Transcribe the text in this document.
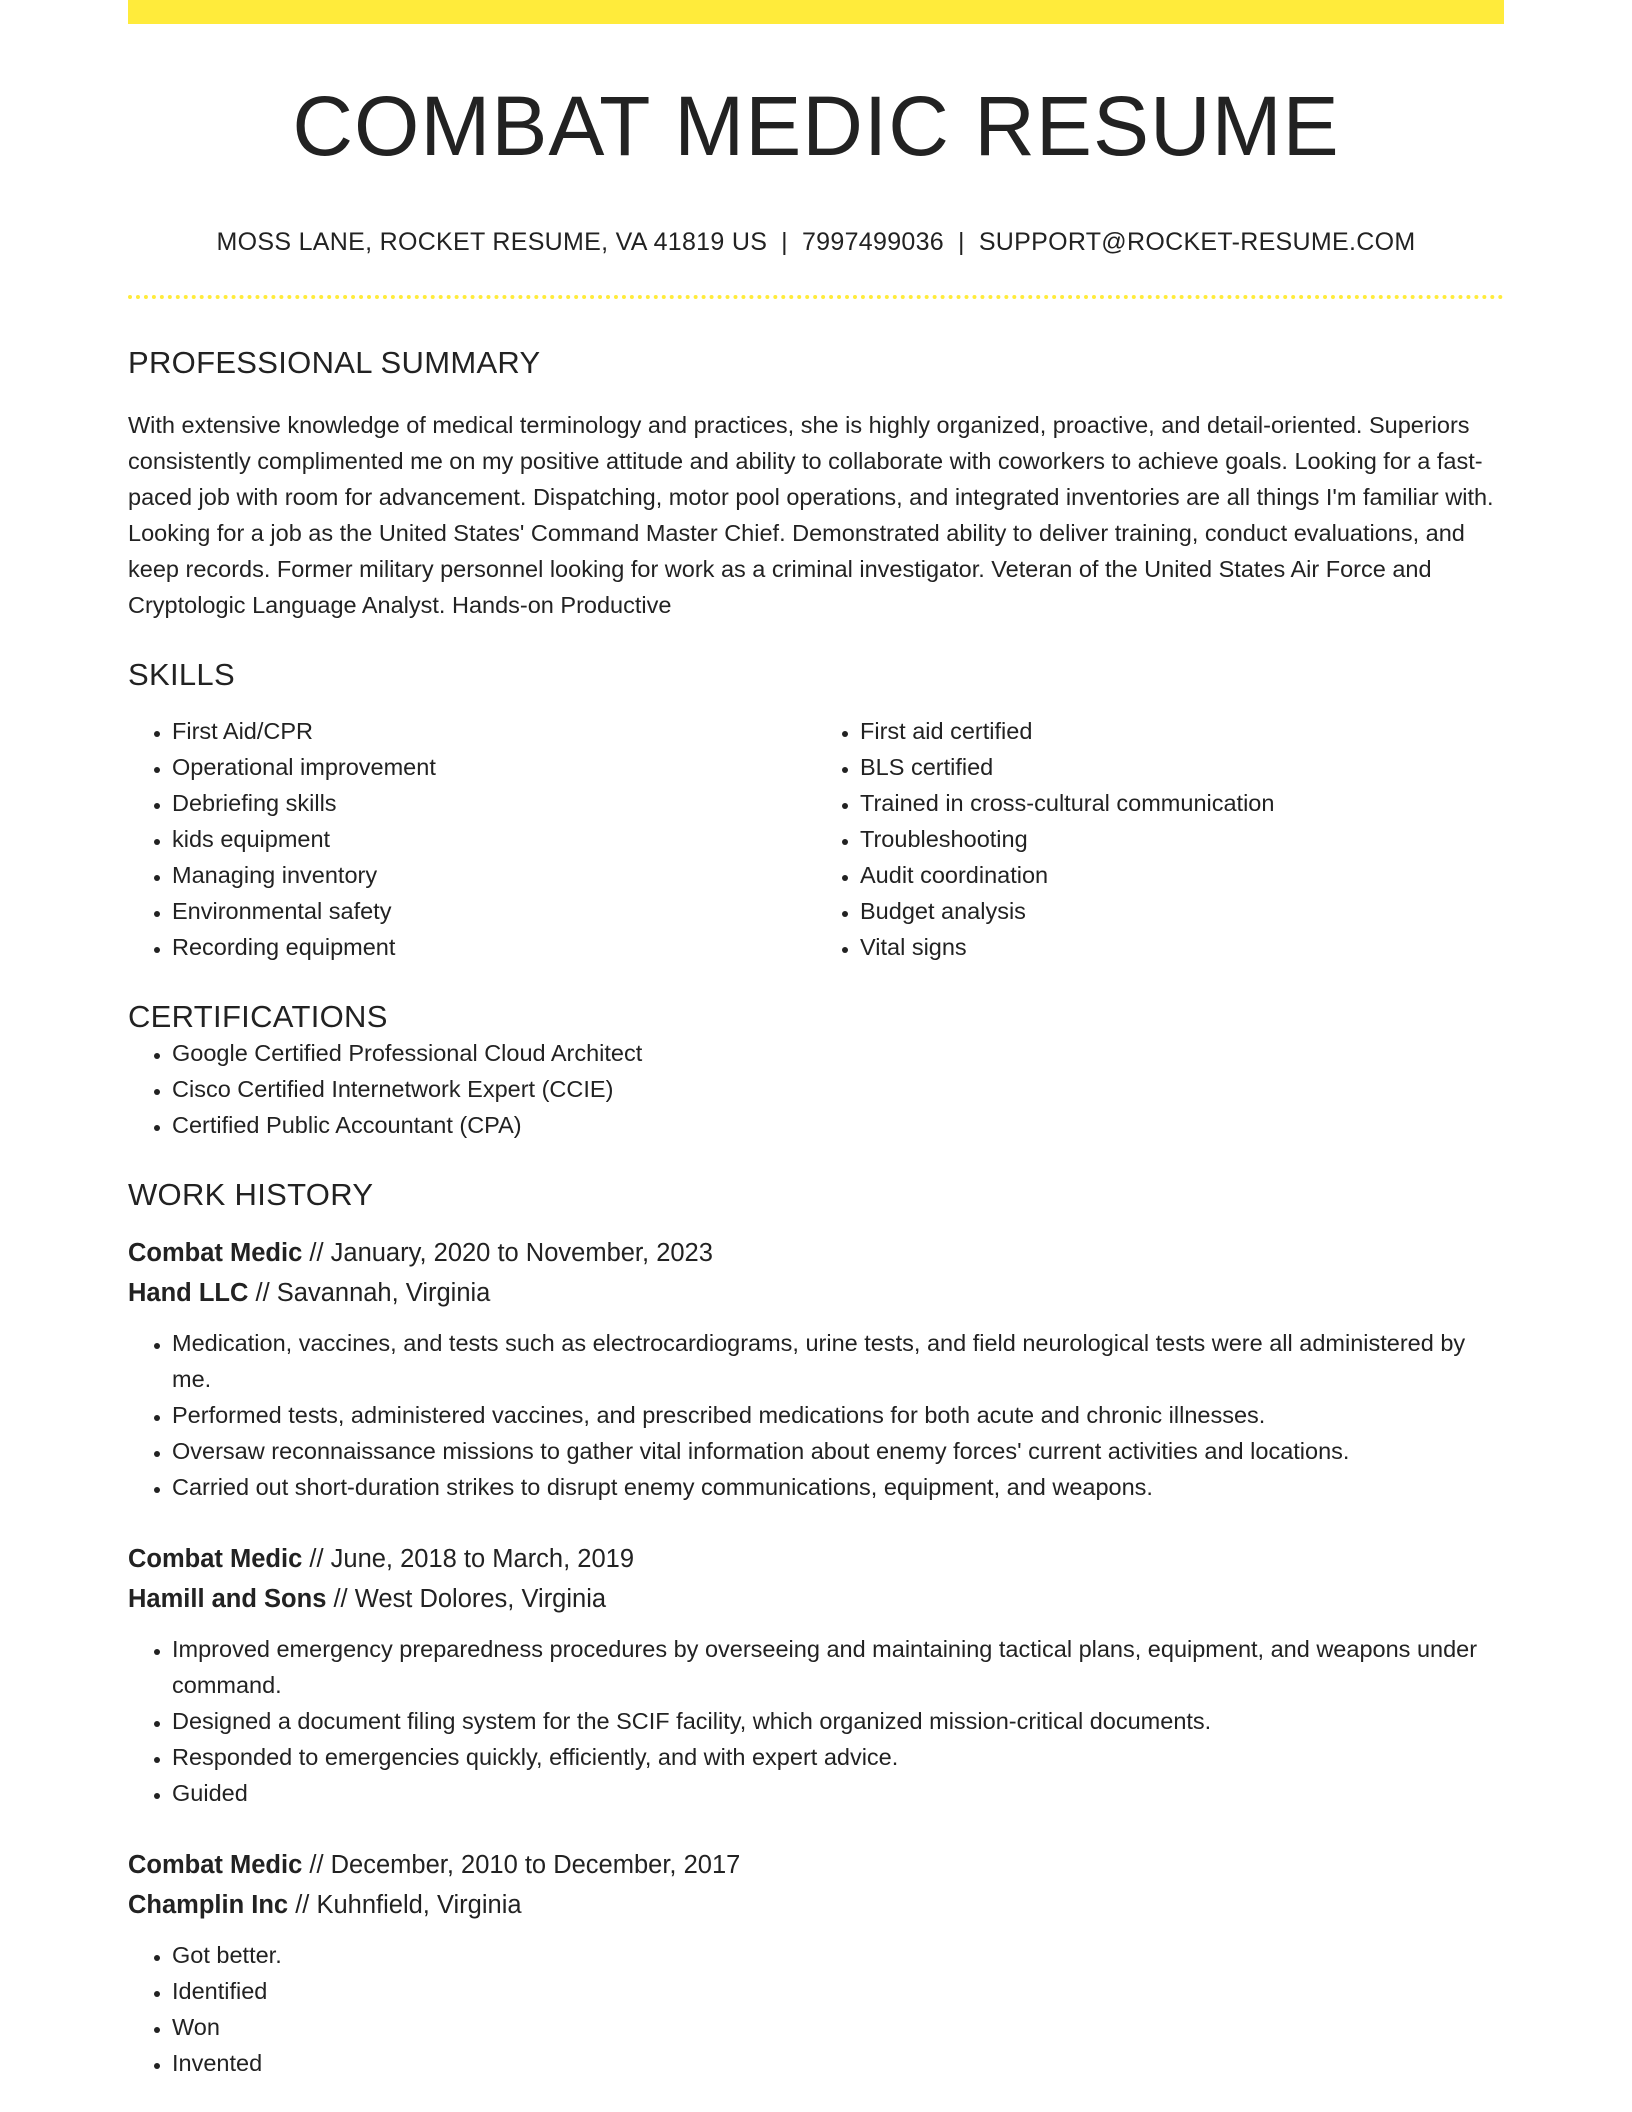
COMBAT MEDIC RESUME
MOSS LANE, ROCKET RESUME, VA 41819 US | 7997499036 | SUPPORT@ROCKET-RESUME.COM
PROFESSIONAL SUMMARY

With extensive knowledge of medical terminology and practices, she is highly organized, proactive, and detail-oriented. Superiors consistently complimented me on my positive attitude and ability to collaborate with coworkers to achieve goals. Looking for a fast-paced job with room for advancement. Dispatching, motor pool operations, and integrated inventories are all things I'm familiar with. Looking for a job as the United States' Command Master Chief. Demonstrated ability to deliver training, conduct evaluations, and keep records. Former military personnel looking for work as a criminal investigator. Veteran of the United States Air Force and Cryptologic Language Analyst. Hands-on Productive

SKILLS
• First Aid/CPR
• Operational improvement
• Debriefing skills
• kids equipment
• Managing inventory
• Environmental safety
• Recording equipment
• First aid certified
• BLS certified
• Trained in cross-cultural communication
• Troubleshooting
• Audit coordination
• Budget analysis
• Vital signs
CERTIFICATIONS
• Google Certified Professional Cloud Architect
• Cisco Certified Internetwork Expert (CCIE)
• Certified Public Accountant (CPA)
WORK HISTORY
Combat Medic // January, 2020 to November, 2023
Hand LLC // Savannah, Virginia
• Medication, vaccines, and tests such as electrocardiograms, urine tests, and field neurological tests were all administered by me.
• Performed tests, administered vaccines, and prescribed medications for both acute and chronic illnesses.
• Oversaw reconnaissance missions to gather vital information about enemy forces' current activities and locations.
• Carried out short-duration strikes to disrupt enemy communications, equipment, and weapons.
Combat Medic // June, 2018 to March, 2019
Hamill and Sons // West Dolores, Virginia
• Improved emergency preparedness procedures by overseeing and maintaining tactical plans, equipment, and weapons under command.
• Designed a document filing system for the SCIF facility, which organized mission-critical documents.
• Responded to emergencies quickly, efficiently, and with expert advice.
• Guided
Combat Medic // December, 2010 to December, 2017
Champlin Inc // Kuhnfield, Virginia
• Got better.
• Identified
• Won
• Invented
